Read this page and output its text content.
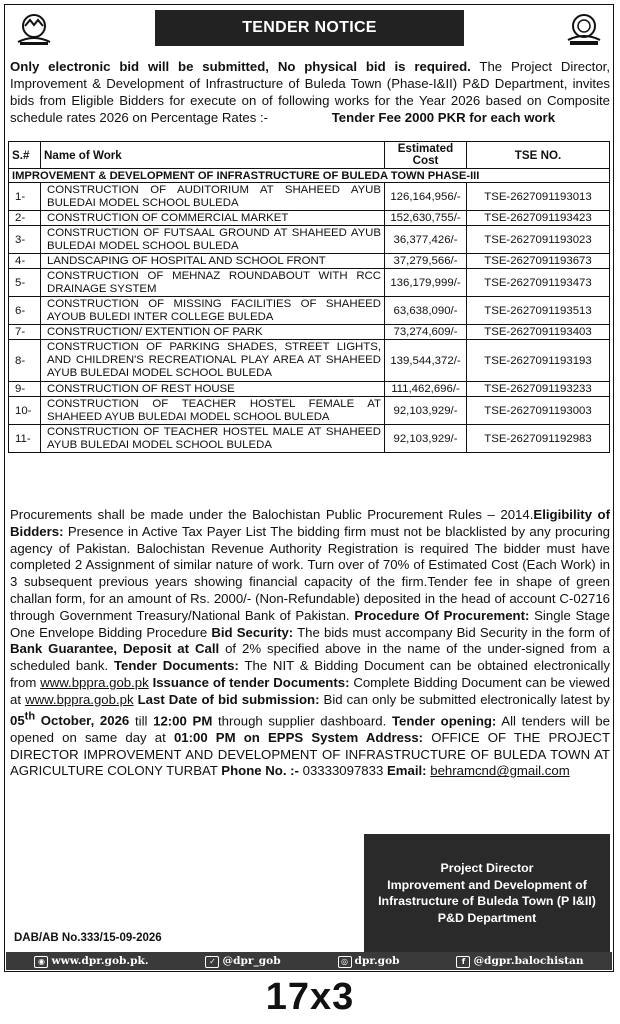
TENDER NOTICE
Only electronic bid will be submitted, No physical bid is required. The Project Director, Improvement & Development of Infrastructure of Buleda Town (Phase-I&II) P&D Department, invites bids from Eligible Bidders for execute on of following works for the Year 2026 based on Composite schedule rates 2026 on Percentage Rates :-	Tender Fee 2000 PKR for each work
S.#	Name of Work	Estimated Cost	TSE NO.
IMPROVEMENT & DEVELOPMENT OF INFRASTRUCTURE OF BULEDA TOWN PHASE-III			
1-	CONSTRUCTION OF AUDITORIUM AT SHAHEED AYUB BULEDAI MODEL SCHOOL BULEDA	126,164,956/-	TSE-2627091193013
2-	CONSTRUCTION OF COMMERCIAL MARKET	152,630,755/-	TSE-2627091193423
3-	CONSTRUCTION OF FUTSAAL GROUND AT SHAHEED AYUB BULEDAI MODEL SCHOOL BULEDA	36,377,426/-	TSE-2627091193023
4-	LANDSCAPING OF HOSPITAL AND SCHOOL FRONT	37,279,566/-	TSE-2627091193673
5-	CONSTRUCTION OF MEHNAZ ROUNDABOUT WITH RCC DRAINAGE SYSTEM	136,179,999/-	TSE-2627091193473
6-	CONSTRUCTION OF MISSING FACILITIES OF SHAHEED AYOUB BULEDI INTER COLLEGE BULEDA	63,638,090/-	TSE-2627091193513
7-	CONSTRUCTION/ EXTENTION OF PARK	73,274,609/-	TSE-2627091193403
8-	CONSTRUCTION OF PARKING SHADES, STREET LIGHTS, AND CHILDREN'S RECREATIONAL PLAY AREA AT SHAHEED AYUB BULEDAI MODEL SCHOOL BULEDA	139,544,372/-	TSE-2627091193193
9-	CONSTRUCTION OF REST HOUSE	111,462,696/-	TSE-2627091193233
10-	CONSTRUCTION OF TEACHER HOSTEL FEMALE AT SHAHEED AYUB BULEDAI MODEL SCHOOL BULEDA	92,103,929/-	TSE-2627091193003
11-	CONSTRUCTION OF TEACHER HOSTEL MALE AT SHAHEED AYUB BULEDAI MODEL SCHOOL BULEDA	92,103,929/-	TSE-2627091192983
Procurements shall be made under the Balochistan Public Procurement Rules – 2014.Eligibility of Bidders: Presence in Active Tax Payer List The bidding firm must not be blacklisted by any procuring agency of Pakistan. Balochistan Revenue Authority Registration is required The bidder must have completed 2 Assignment of similar nature of work. Turn over of 70% of Estimated Cost (Each Work) in 3 subsequent previous years showing financial capacity of the firm.Tender fee in shape of green challan form, for an amount of Rs. 2000/- (Non-Refundable) deposited in the head of account C-02716 through Government Treasury/National Bank of Pakistan. Procedure Of Procurement: Single Stage One Envelope Bidding Procedure Bid Security: The bids must accompany Bid Security in the form of Bank Guarantee, Deposit at Call of 2% specified above in the name of the under-signed from a scheduled bank. Tender Documents: The NIT & Bidding Document can be obtained electronically from www.bppra.gob.pk Issuance of tender Documents: Complete Bidding Document can be viewed at www.bppra.gob.pk Last Date of bid submission: Bid can only be submitted electronically latest by 05th October, 2026 till 12:00 PM through supplier dashboard. Tender opening: All tenders will be opened on same day at 01:00 PM on EPPS System Address: OFFICE OF THE PROJECT DIRECTOR IMPROVEMENT AND DEVELOPMENT OF INFRASTRUCTURE OF BULEDA TOWN AT AGRICULTURE COLONY TURBAT Phone No. :- 03333097833 Email: behramcnd@gmail.com
Project Director
Improvement and Development of
Infrastructure of Buleda Town (P I&II)
P&D Department
DAB/AB No.333/15-09-2026
◉ www.dpr.gob.pk.	✓ @dpr_gob	◎ dpr.gob	f @dgpr.balochistan
17x3
